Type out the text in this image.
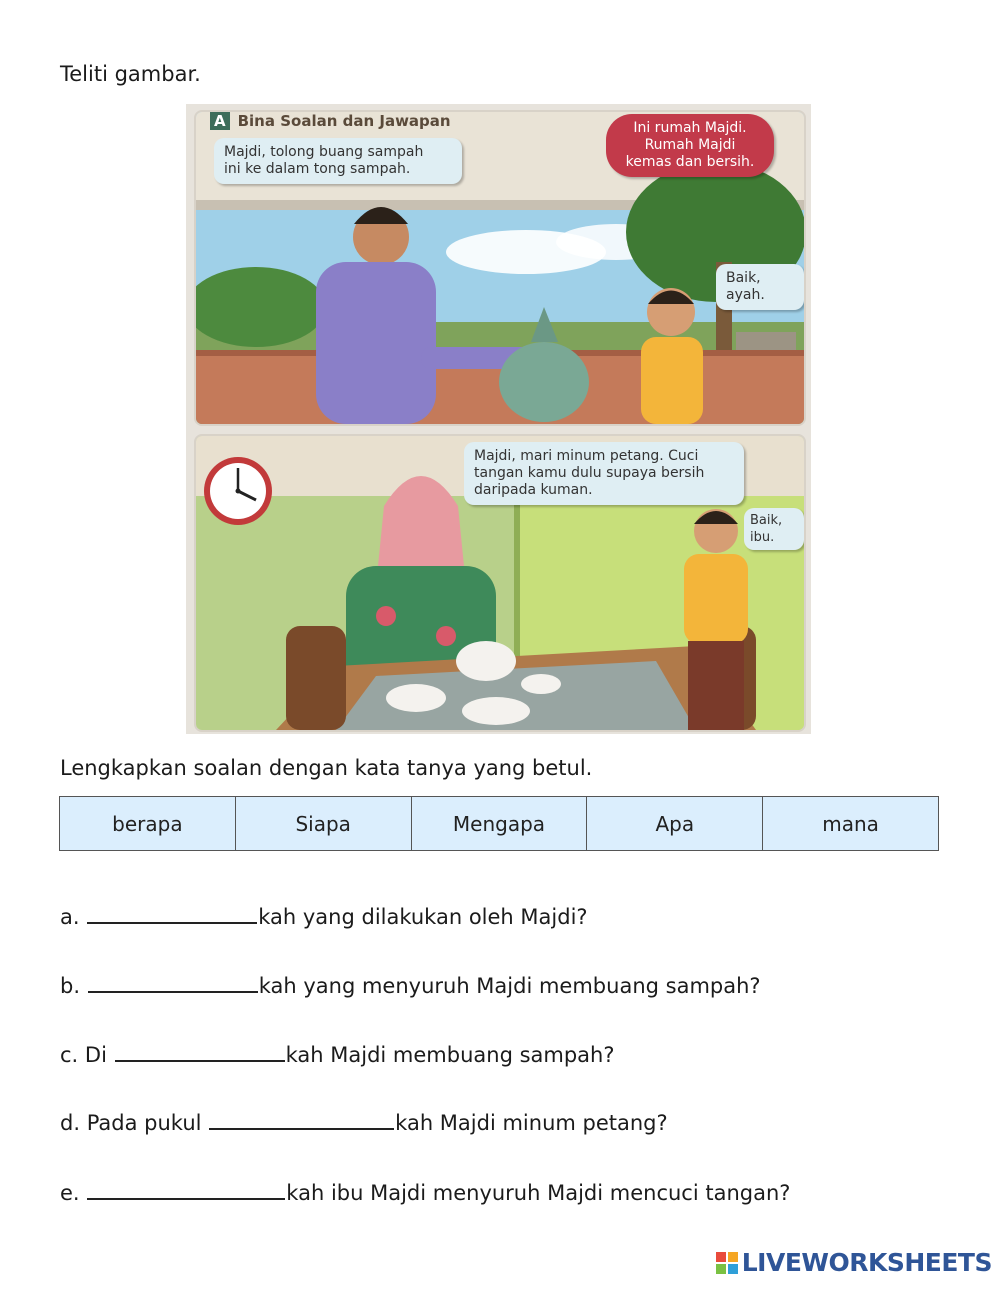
Teliti gambar.
A Bina Soalan dan Jawapan
Majdi, tolong buang sampah
ini ke dalam tong sampah.
Ini rumah Majdi.
Rumah Majdi
kemas dan bersih.
Baik, ayah.
Majdi, mari minum petang. Cuci
tangan kamu dulu supaya bersih
daripada kuman.
Baik, ibu.
Lengkapkan soalan dengan kata tanya yang betul.
berapa	Siapa	Mengapa	Apa	mana
a.	kah yang dilakukan oleh Majdi?
b.	kah yang menyuruh Majdi membuang sampah?
c. Di	kah Majdi membuang sampah?
d. Pada pukul	kah Majdi minum petang?
e.	kah ibu Majdi menyuruh Majdi mencuci tangan?
LIVEWORKSHEETS
